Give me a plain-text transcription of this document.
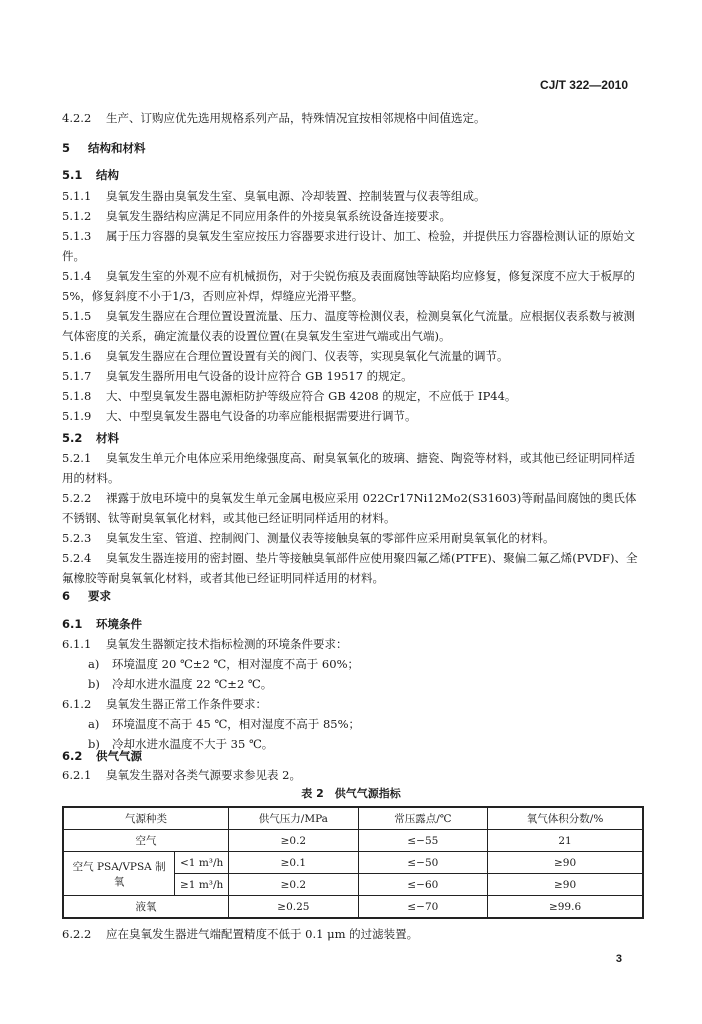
CJ/T 322—2010
4.2.2 生产、订购应优先选用规格系列产品，特殊情况宜按相邻规格中间值选定。
5 结构和材料
5.1 结构
5.1.1 臭氧发生器由臭氧发生室、臭氧电源、冷却装置、控制装置与仪表等组成。
5.1.2 臭氧发生器结构应满足不同应用条件的外接臭氧系统设备连接要求。
5.1.3 属于压力容器的臭氧发生室应按压力容器要求进行设计、加工、检验，并提供压力容器检测认证的原始文件。
5.1.4 臭氧发生室的外观不应有机械损伤，对于尖锐伤痕及表面腐蚀等缺陷均应修复，修复深度不应大于板厚的5%，修复斜度不小于1/3，否则应补焊，焊缝应光滑平整。
5.1.5 臭氧发生器应在合理位置设置流量、压力、温度等检测仪表，检测臭氧化气流量。应根据仪表系数与被测气体密度的关系，确定流量仪表的设置位置(在臭氧发生室进气端或出气端)。
5.1.6 臭氧发生器应在合理位置设置有关的阀门、仪表等，实现臭氧化气流量的调节。
5.1.7 臭氧发生器所用电气设备的设计应符合 GB 19517 的规定。
5.1.8 大、中型臭氧发生器电源柜防护等级应符合 GB 4208 的规定，不应低于 IP44。
5.1.9 大、中型臭氧发生器电气设备的功率应能根据需要进行调节。
5.2 材料
5.2.1 臭氧发生单元介电体应采用绝缘强度高、耐臭氧氧化的玻璃、搪瓷、陶瓷等材料，或其他已经证明同样适用的材料。
5.2.2 裸露于放电环境中的臭氧发生单元金属电极应采用 022Cr17Ni12Mo2(S31603)等耐晶间腐蚀的奥氏体不锈钢、钛等耐臭氧氧化材料，或其他已经证明同样适用的材料。
5.2.3 臭氧发生室、管道、控制阀门、测量仪表等接触臭氧的零部件应采用耐臭氧氧化的材料。
5.2.4 臭氧发生器连接用的密封圈、垫片等接触臭氧部件应使用聚四氟乙烯(PTFE)、聚偏二氟乙烯(PVDF)、全氟橡胶等耐臭氧氧化材料，或者其他已经证明同样适用的材料。
6 要求
6.1 环境条件
6.1.1 臭氧发生器额定技术指标检测的环境条件要求：
a) 环境温度 20 ℃±2 ℃，相对湿度不高于 60%；
b) 冷却水进水温度 22 ℃±2 ℃。
6.1.2 臭氧发生器正常工作条件要求：
a) 环境温度不高于 45 ℃，相对湿度不高于 85%；
b) 冷却水进水温度不大于 35 ℃。
6.2 供气气源
6.2.1 臭氧发生器对各类气源要求参见表 2。
表 2　供气气源指标
气源种类		供气压力/MPa	常压露点/℃	氧气体积分数/%
空气		≥0.2	≤−55	21
空气 PSA/VPSA 制氧	<1 m³/h	≥0.1	≤−50	≥90
	≥1 m³/h	≥0.2	≤−60	≥90
液氧		≥0.25	≤−70	≥99.6
6.2.2 应在臭氧发生器进气端配置精度不低于 0.1 μm 的过滤装置。
3
